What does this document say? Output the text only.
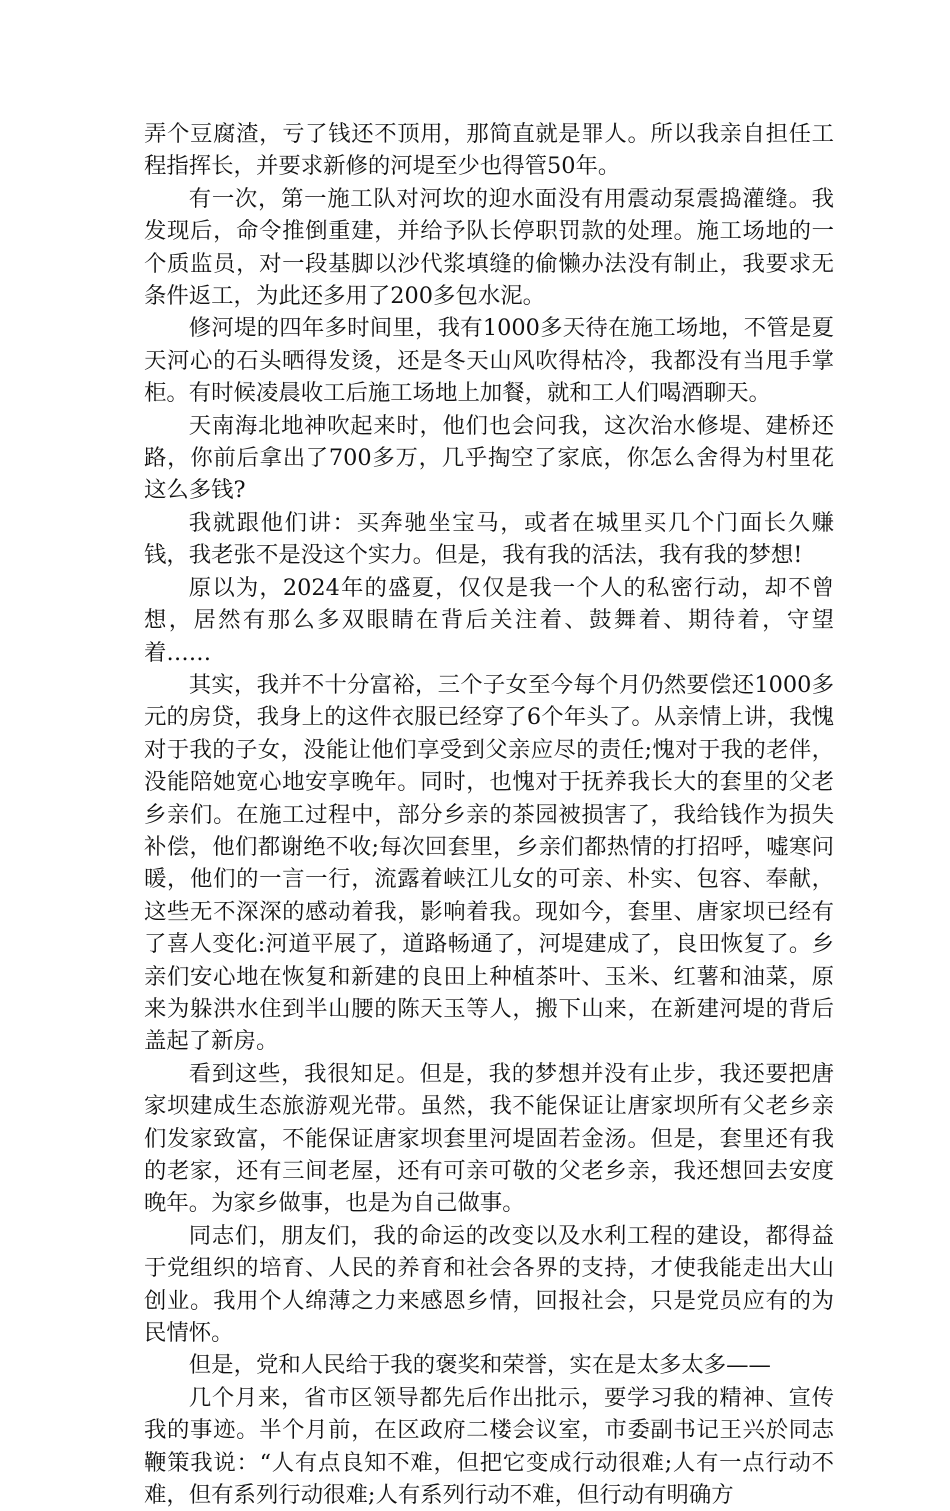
弄个豆腐渣，亏了钱还不顶用，那简直就是罪人。所以我亲自担任工程指挥长，并要求新修的河堤至少也得管50年。

有一次，第一施工队对河坎的迎水面没有用震动泵震捣灌缝。我发现后，命令推倒重建，并给予队长停职罚款的处理。施工场地的一个质监员，对一段基脚以沙代浆填缝的偷懒办法没有制止，我要求无条件返工，为此还多用了200多包水泥。

修河堤的四年多时间里，我有1000多天待在施工场地，不管是夏天河心的石头晒得发烫，还是冬天山风吹得枯冷，我都没有当甩手掌柜。有时候凌晨收工后施工场地上加餐，就和工人们喝酒聊天。

天南海北地神吹起来时，他们也会问我，这次治水修堤、建桥还路，你前后拿出了700多万，几乎掏空了家底，你怎么舍得为村里花这么多钱?

我就跟他们讲：买奔驰坐宝马，或者在城里买几个门面长久赚钱，我老张不是没这个实力。但是，我有我的活法，我有我的梦想!

原以为，2024年的盛夏，仅仅是我一个人的私密行动，却不曾想，居然有那么多双眼睛在背后关注着、鼓舞着、期待着，守望着……

其实，我并不十分富裕，三个子女至今每个月仍然要偿还1000多元的房贷，我身上的这件衣服已经穿了6个年头了。从亲情上讲，我愧对于我的子女，没能让他们享受到父亲应尽的责任;愧对于我的老伴，没能陪她宽心地安享晚年。同时，也愧对于抚养我长大的套里的父老乡亲们。在施工过程中，部分乡亲的茶园被损害了，我给钱作为损失补偿，他们都谢绝不收;每次回套里，乡亲们都热情的打招呼，嘘寒问暖，他们的一言一行，流露着峡江儿女的可亲、朴实、包容、奉献，这些无不深深的感动着我，影响着我。现如今，套里、唐家坝已经有了喜人变化:河道平展了，道路畅通了，河堤建成了，良田恢复了。乡亲们安心地在恢复和新建的良田上种植茶叶、玉米、红薯和油菜，原来为躲洪水住到半山腰的陈天玉等人，搬下山来，在新建河堤的背后盖起了新房。

看到这些，我很知足。但是，我的梦想并没有止步，我还要把唐家坝建成生态旅游观光带。虽然，我不能保证让唐家坝所有父老乡亲们发家致富，不能保证唐家坝套里河堤固若金汤。但是，套里还有我的老家，还有三间老屋，还有可亲可敬的父老乡亲，我还想回去安度晚年。为家乡做事，也是为自己做事。

同志们，朋友们，我的命运的改变以及水利工程的建设，都得益于党组织的培育、人民的养育和社会各界的支持，才使我能走出大山创业。我用个人绵薄之力来感恩乡情，回报社会，只是党员应有的为民情怀。

但是，党和人民给于我的褒奖和荣誉，实在是太多太多——

几个月来，省市区领导都先后作出批示，要学习我的精神、宣传我的事迹。半个月前，在区政府二楼会议室，市委副书记王兴於同志鞭策我说：“人有点良知不难，但把它变成行动很难;人有一点行动不难，但有系列行动很难;人有系列行动不难，但行动有明确方
